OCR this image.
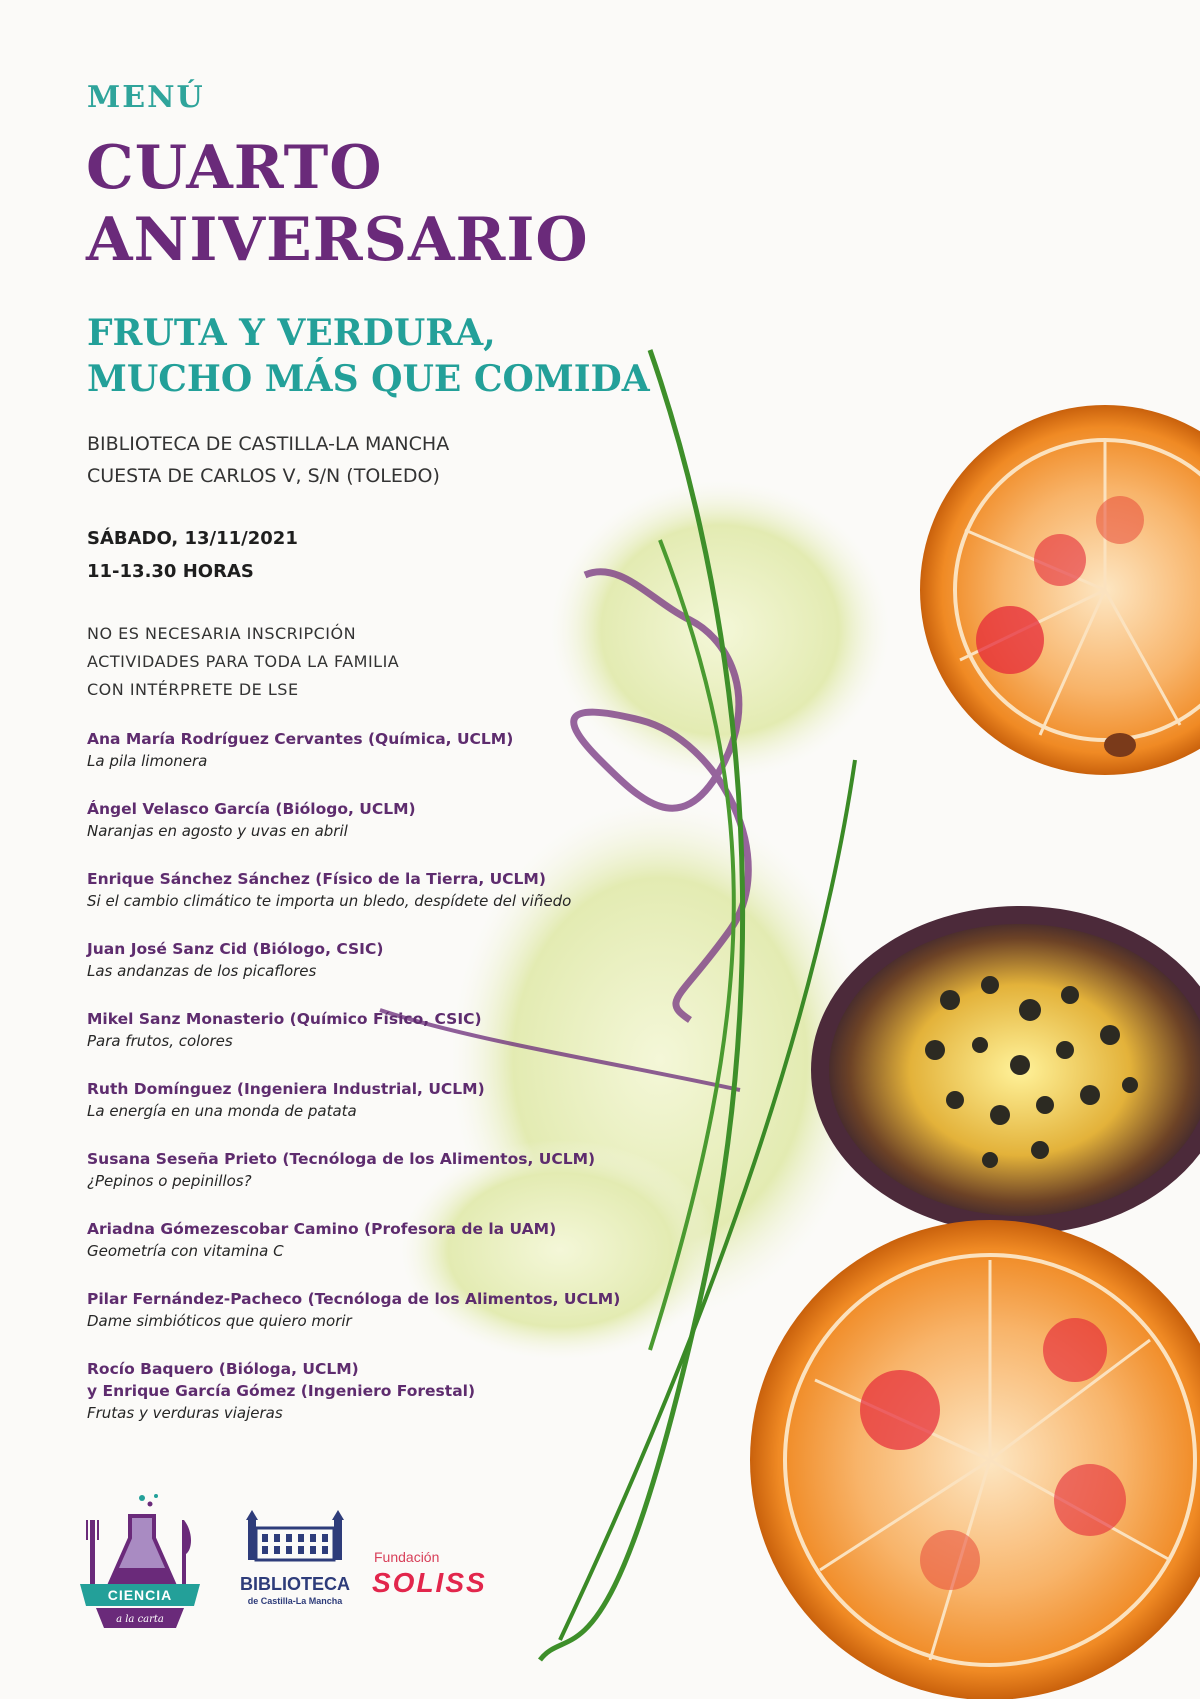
MENÚ

CUARTO
ANIVERSARIO
FRUTA Y VERDURA,
MUCHO MÁS QUE COMIDA
BIBLIOTECA DE CASTILLA-LA MANCHA
CUESTA DE CARLOS V, S/N (TOLEDO)
SÁBADO, 13/11/2021
11-13.30 HORAS
NO ES NECESARIA INSCRIPCIÓN
ACTIVIDADES PARA TODA LA FAMILIA
CON INTÉRPRETE DE LSE
Ana María Rodríguez Cervantes (Química, UCLM)
La pila limonera
Ángel Velasco García (Biólogo, UCLM)
Naranjas en agosto y uvas en abril
Enrique Sánchez Sánchez (Físico de la Tierra, UCLM)
Si el cambio climático te importa un bledo, despídete del viñedo
Juan José Sanz Cid (Biólogo, CSIC)
Las andanzas de los picaflores
Mikel Sanz Monasterio (Químico Físico, CSIC)
Para frutos, colores
Ruth Domínguez (Ingeniera Industrial, UCLM)
La energía en una monda de patata
Susana Seseña Prieto (Tecnóloga de los Alimentos, UCLM)
¿Pepinos o pepinillos?
Ariadna Gómezescobar Camino (Profesora de la UAM)
Geometría con vitamina C
Pilar Fernández-Pacheco (Tecnóloga de los Alimentos, UCLM)
Dame simbióticos que quiero morir
Rocío Baquero (Bióloga, UCLM)
y Enrique García Gómez (Ingeniero Forestal)
Frutas y verduras viajeras
CIENCIA
a la carta
BIBLIOTECA
de Castilla-La Mancha
Fundación
SOLISS
